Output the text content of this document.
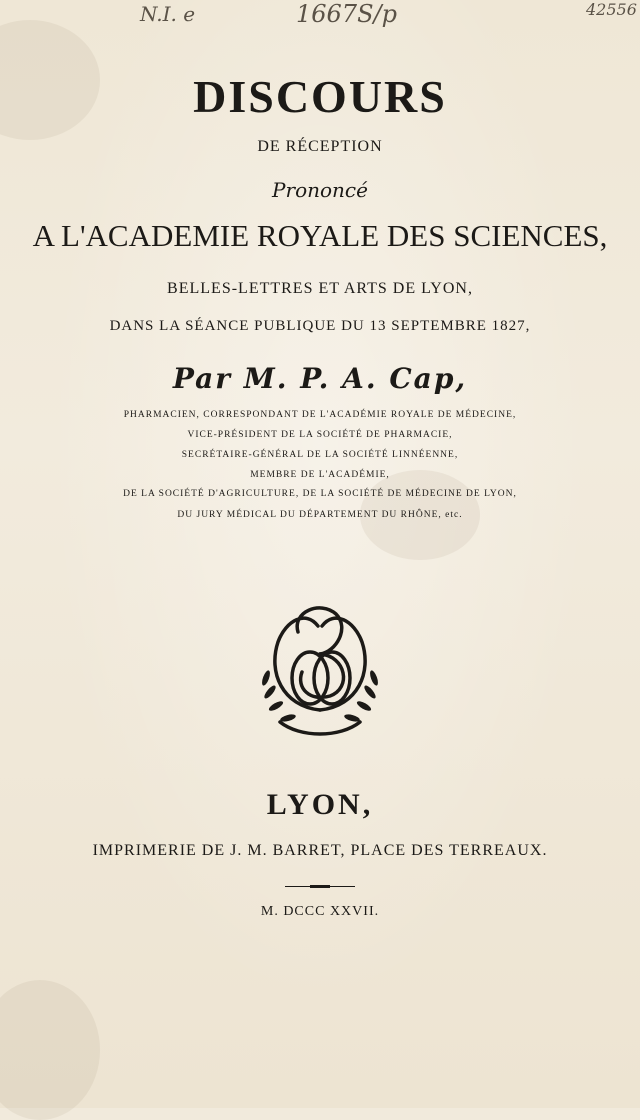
N.I. e	1667S/p	42556
DISCOURS
DE RÉCEPTION
Prononcé
A L'ACADEMIE ROYALE DES SCIENCES,
BELLES-LETTRES ET ARTS DE LYON,
DANS LA SÉANCE PUBLIQUE DU 13 SEPTEMBRE 1827,
Par M. P. A. Cap,
PHARMACIEN, CORRESPONDANT DE L'ACADÉMIE ROYALE DE MÉDECINE,
VICE-PRÉSIDENT DE LA SOCIÉTÉ DE PHARMACIE,
SECRÉTAIRE-GÉNÉRAL DE LA SOCIÉTÉ LINNÉENNE,
MEMBRE DE L'ACADÉMIE,
DE LA SOCIÉTÉ D'AGRICULTURE, DE LA SOCIÉTÉ DE MÉDECINE DE LYON,
DU JURY MÉDICAL DU DÉPARTEMENT DU RHÔNE, etc.
LYON,
IMPRIMERIE DE J. M. BARRET, PLACE DES TERREAUX.
M. DCCC XXVII.
